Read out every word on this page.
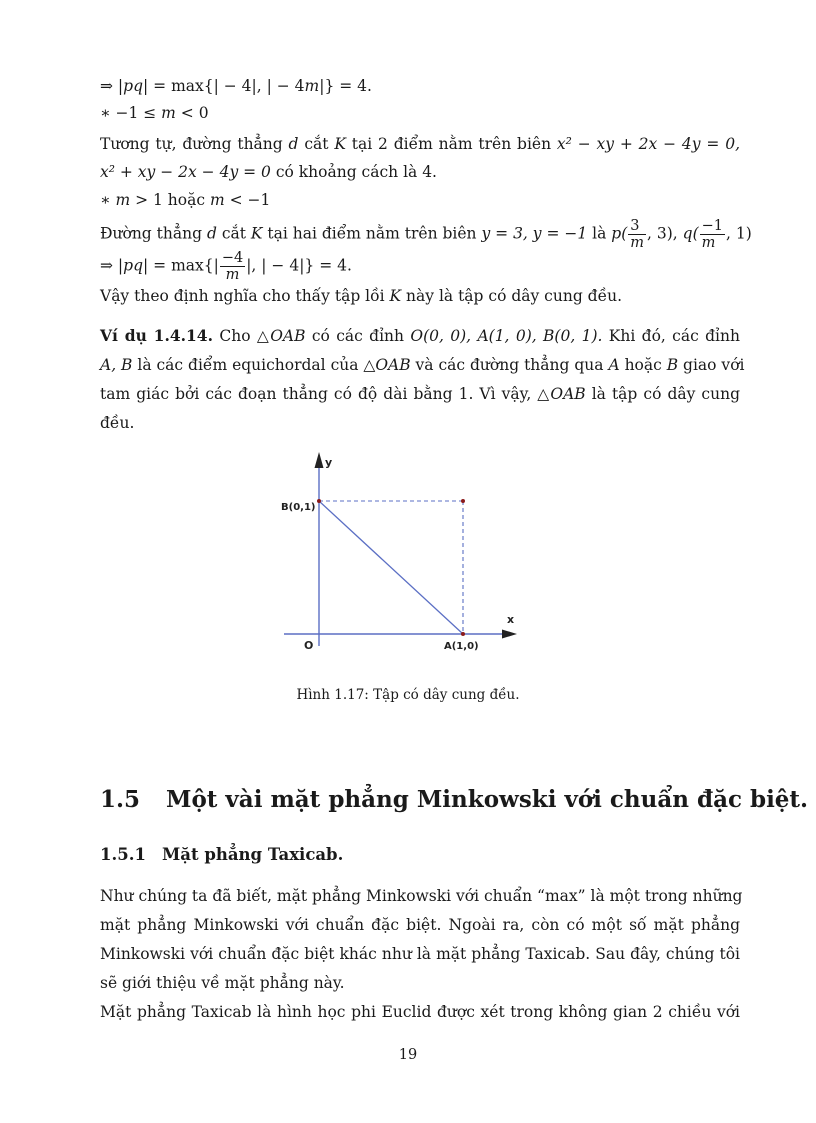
⇒ |pq| = max{| − 4|, | − 4m|} = 4.
∗ −1 ≤ m < 0
Tương tự, đường thẳng d cắt K tại 2 điểm nằm trên biên x² − xy + 2x − 4y = 0,
x² + xy − 2x − 4y = 0 có khoảng cách là 4.
∗ m > 1 hoặc m < −1
Đường thẳng d cắt K tại hai điểm nằm trên biên y = 3, y = −1 là $p( \frac{3}{m}$ , 3), $q( \frac{-1}{m}$ , 1)
⇒ $|pq| = \max\{| \frac{-4}{m}$ |, | − 4|} = 4.
Vậy theo định nghĩa cho thấy tập lồi K này là tập có dây cung đều.
Ví dụ 1.4.14. Cho △OAB có các đỉnh O(0, 0), A(1, 0), B(0, 1). Khi đó, các đỉnh
A, B là các điểm equichordal của △OAB và các đường thẳng qua A hoặc B giao với
tam giác bởi các đoạn thẳng có độ dài bằng 1. Vì vậy, △OAB là tập có dây cung
đều.
y
x
B(0,1)
O	A(1,0)
Hình 1.17: Tập có dây cung đều.
1.5 Một vài mặt phẳng Minkowski với chuẩn đặc biệt.
1.5.1 Mặt phẳng Taxicab.
Như chúng ta đã biết, mặt phẳng Minkowski với chuẩn “max” là một trong những
mặt phẳng Minkowski với chuẩn đặc biệt. Ngoài ra, còn có một số mặt phẳng
Minkowski với chuẩn đặc biệt khác như là mặt phẳng Taxicab. Sau đây, chúng tôi
sẽ giới thiệu về mặt phẳng này.
Mặt phẳng Taxicab là hình học phi Euclid được xét trong không gian 2 chiều với
19
